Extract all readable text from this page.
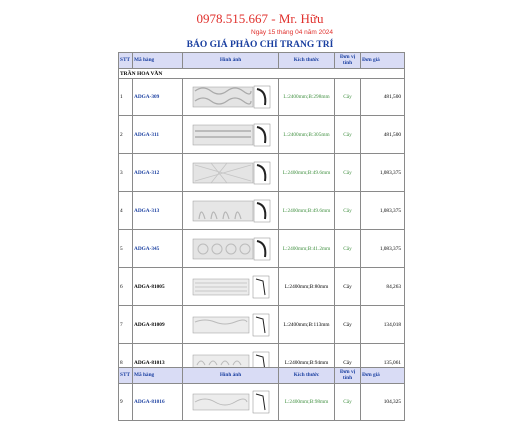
0978.515.667 - Mr. Hữu
Ngày 15 tháng 04 năm 2024
BÁO GIÁ PHÀO CHỈ TRANG TRÍ
STT	Mã hàng	Hình ảnh	Kích thước	Đơn vị tính	Đơn giá
TRẦN HOA VĂN					
1	ADGA-309		L:2400mm;B:298mm	Cây	481,500
2	ADGA-311		L:2400mm;B:305mm	Cây	481,500
3	ADGA-312		L:2400mm;B:49.6mm	Cây	1,083,375
4	ADGA-313		L:2400mm;B:49.6mm	Cây	1,083,375
5	ADGA-345		L:2400mm;B:41.2mm	Cây	1,083,375
6	ADGA-81005		L:2400mm;B:80mm	Cây	84,263
7	ADGA-81009		L:2400mm;B:113mm	Cây	134,018
8	ADGA-81013		L:2400mm;B:94mm	Cây	135,061
STT	Mã hàng	Hình ảnh	Kích thước	Đơn vị tính	Đơn giá
9	ADGA-81016		L:2400mm;B:98mm	Cây	104,325
